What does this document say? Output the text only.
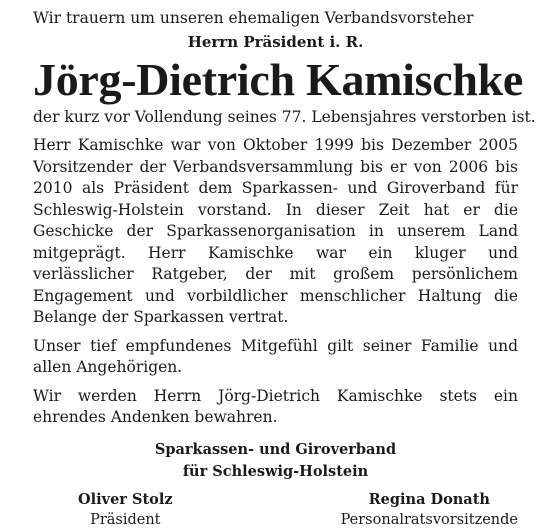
Wir trauern um unseren ehemaligen Verbandsvorsteher
Herrn Präsident i. R.
Jörg-Dietrich Kamischke
der kurz vor Vollendung seines 77. Lebensjahres verstorben ist.
Herr Kamischke war von Oktober 1999 bis Dezember 2005 Vorsitzender der Verbandsversammlung bis er von 2006 bis 2010 als Präsident dem Sparkassen- und Giroverband für Schleswig-Holstein vorstand. In dieser Zeit hat er die Geschicke der Sparkassenorganisation in unserem Land mitgeprägt. Herr Kamischke war ein kluger und verlässlicher Ratgeber, der mit großem persönlichem Engagement und vorbildlicher menschlicher Haltung die Belange der Sparkassen vertrat.
Unser tief empfundenes Mitgefühl gilt seiner Familie und allen Angehörigen.
Wir werden Herrn Jörg-Dietrich Kamischke stets ein ehrendes Andenken bewahren.
Sparkassen- und Giroverband
für Schleswig-Holstein
Oliver Stolz
Präsident
Regina Donath
Personalratsvorsitzende
